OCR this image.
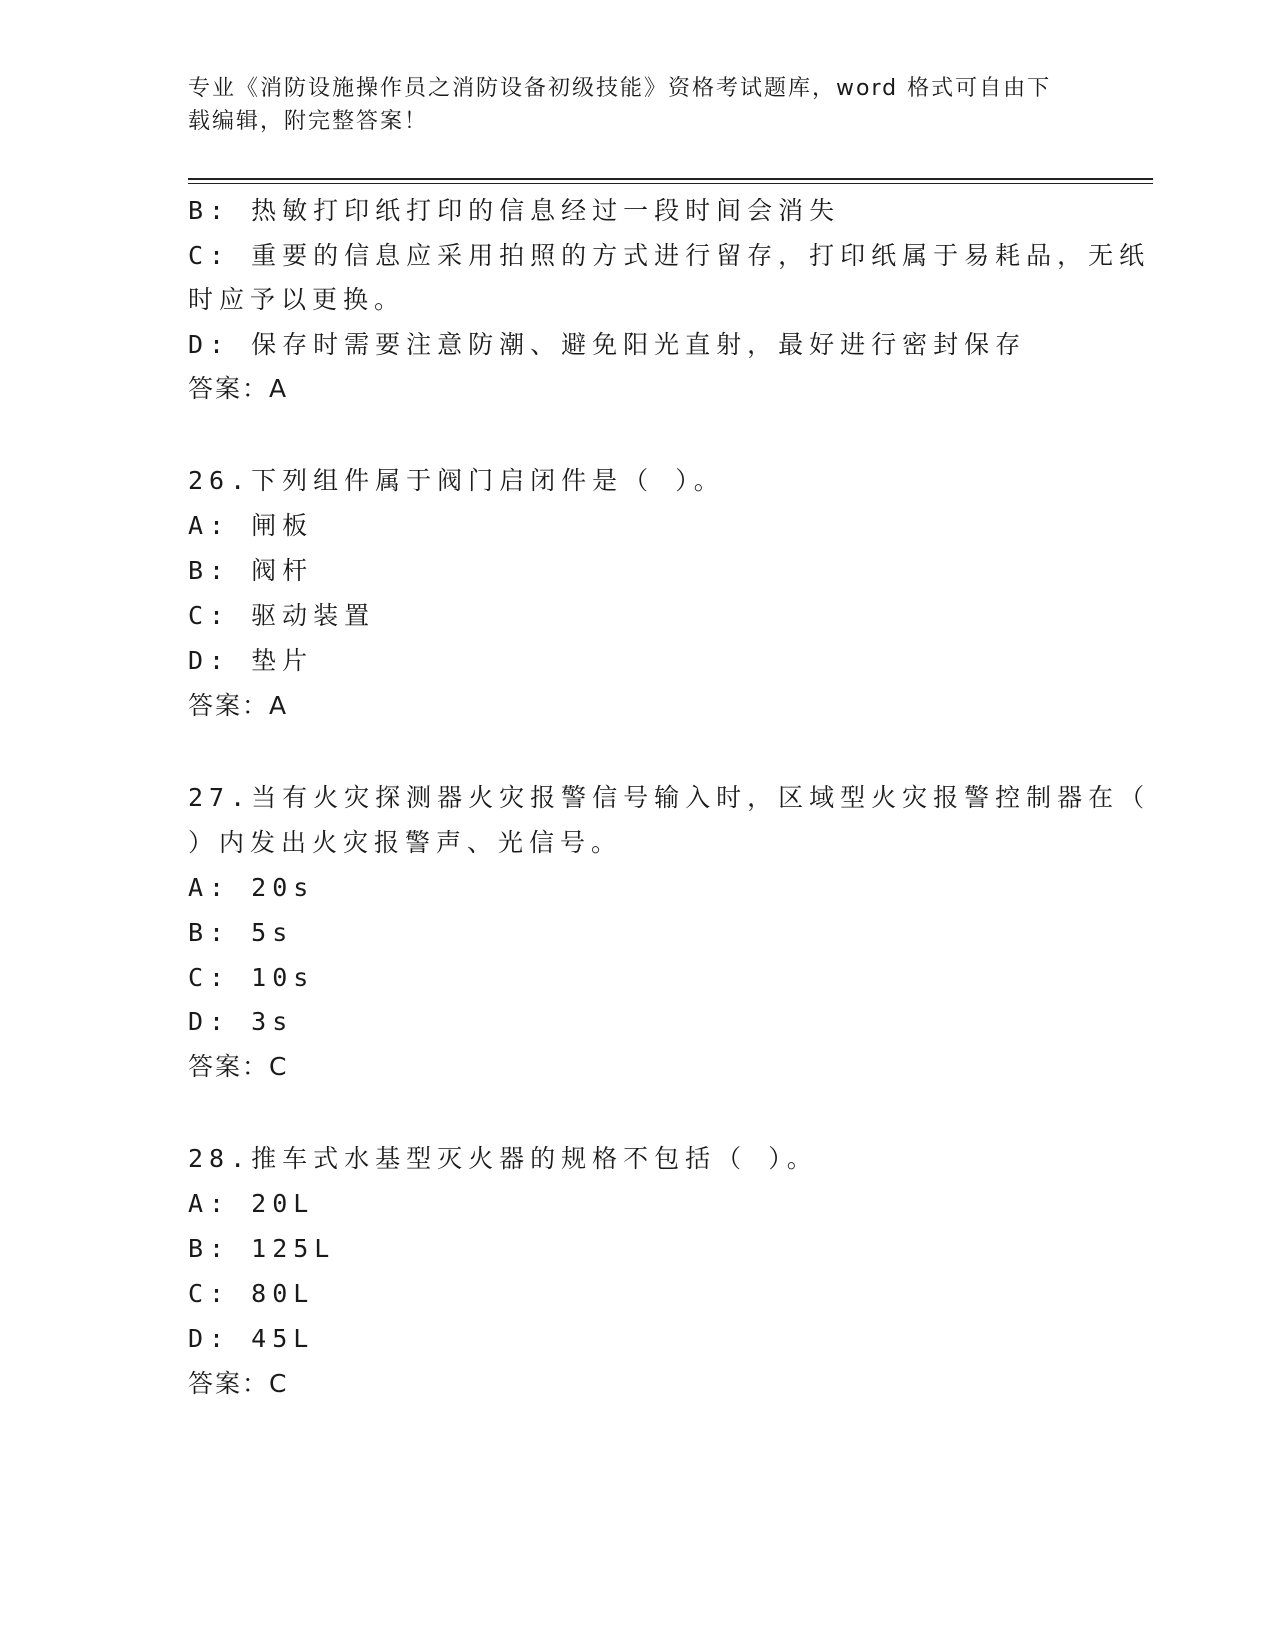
专业《消防设施操作员之消防设备初级技能》资格考试题库，word 格式可自由下
载编辑，附完整答案！
B: 热敏打印纸打印的信息经过一段时间会消失
C: 重要的信息应采用拍照的方式进行留存，打印纸属于易耗品，无纸
时应予以更换。
D: 保存时需要注意防潮、避免阳光直射，最好进行密封保存
答案：A
26.下列组件属于阀门启闭件是（ ）。
A: 闸板
B: 阀杆
C: 驱动装置
D: 垫片
答案：A
27.当有火灾探测器火灾报警信号输入时，区域型火灾报警控制器在（
）内发出火灾报警声、光信号。
A: 20s
B: 5s
C: 10s
D: 3s
答案：C
28.推车式水基型灭火器的规格不包括（ ）。
A: 20L
B: 125L
C: 80L
D: 45L
答案：C
